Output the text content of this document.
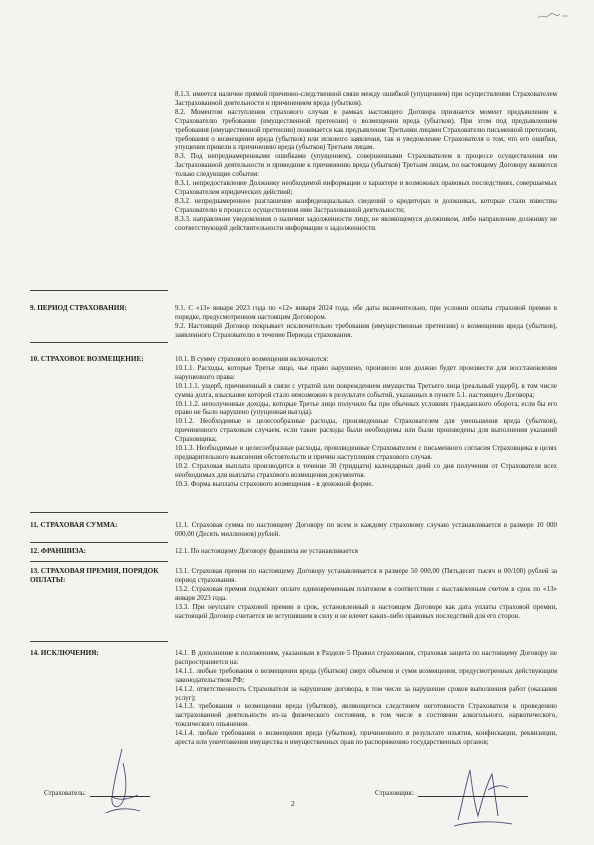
8.1.3. имеется наличие прямой причинно-следственной связи между ошибкой (упущением) при осуществлении Страхователем Застрахованной деятельности и причинением вреда (убытков).

8.2. Моментом наступления страхового случая в рамках настоящего Договора признается момент предъявления к Страхователю требования (имущественной претензии) о возмещении вреда (убытков). При этом под предъявлением требования (имущественной претензии) понимается как предъявление Третьими лицами Страхователю письменной претензии, требования о возмещении вреда (убытков) или искового заявления, так и уведомление Страхователя о том, что его ошибки, упущения привели к причинению вреда (убытков) Третьим лицам.

8.3. Под непреднамеренными ошибками (упущением), совершенными Страхователем в процессе осуществления им Застрахованной деятельности и приведшие к причинению вреда (убытков) Третьим лицам, по настоящему Договору являются только следующие события:

8.3.1. непредоставление Должнику необходимой информации о характере и возможных правовых последствиях, совершаемых Страхователем юридических действий;

8.3.2. непреднамеренное разглашение конфиденциальных сведений о кредиторах и должниках, которые стали известны Страхователю в процессе осуществления ими Застрахованной деятельности;

8.3.3. направление уведомления о наличии задолженности лицу, не являющемуся должником, либо направление должнику не соответствующей действительности информации о задолженности.

9. ПЕРИОД СТРАХОВАНИЯ:	9.1. С «13» января 2023 года по «12» января 2024 года, обе даты включительно, при условии оплаты страховой премии в порядке, предусмотренном настоящим Договором.

9.2. Настоящий Договор покрывает исключительно требования (имущественные претензии) о возмещении вреда (убытков), заявленного Страхователю в течение Периода страхования.

10. СТРАХОВОЕ ВОЗМЕЩЕНИЕ:	10.1. В сумму страхового возмещения включаются:

10.1.1. Расходы, которые Третье лицо, чье право нарушено, произвело или должно будет произвести для восстановления нарушенного права:

10.1.1.1. ущерб, причиненный в связи с утратой или повреждением имущества Третьего лица (реальный ущерб), в том числе сумма долга, взыскание которой стало невозможно в результате событий, указанных в пункте 5.1. настоящего Договора;

10.1.1.2. неполученные доходы, которые Третье лицо получило бы при обычных условиях гражданского оборота, если бы его право не было нарушено (упущенная выгода).

10.1.2. Необходимые и целесообразные расходы, произведенные Страхователем для уменьшения вреда (убытков), причиненного страховым случаем, если такие расходы были необходимы или были произведены для выполнения указаний Страховщика;

10.1.3. Необходимые и целесообразные расходы, произведенные Страхователем с письменного согласия Страховщика в целях предварительного выяснения обстоятельств и причин наступления страхового случая.

10.2. Страховая выплата производится в течение 30 (тридцати) календарных дней со дня получения от Страхователя всех необходимых для выплаты страхового возмещения документов.

10.3. Форма выплаты страхового возмещения - в денежной форме.

11. СТРАХОВАЯ СУММА:	11.1. Страховая сумма по настоящему Договору по всем и каждому страховому случаю устанавливается в размере 10 000 000,00 (Десять миллионов) рублей.

12. ФРАНШИЗА:	12.1. По настоящему Договору франшиза не устанавливается

13. СТРАХОВАЯ ПРЕМИЯ, ПОРЯДОК ОПЛАТЫ:

13.1. Страховая премия по настоящему Договору устанавливается в размере 50 000,00 (Пятьдесят тысяч и 00/100) рублей за период страхования.

13.2. Страховая премия подлежит оплате единовременным платежом в соответствии с выставленным счетом в срок по «13» января 2023 года.

13.3. При неуплате страховой премии в срок, установленный в настоящем Договоре как дата уплаты страховой премии, настоящий Договор считается не вступившим в силу и не влечет каких-либо правовых последствий для его сторон.

14. ИСКЛЮЧЕНИЯ:	14.1. В дополнение к положениям, указанным в Разделе 5 Правил страхования, страховая защита по настоящему Договору не распространяется на:

14.1.1. любые требования о возмещении вреда (убытков) сверх объемов и сумм возмещения, предусмотренных действующим законодательством РФ;

14.1.2. ответственность Страхователя за нарушение договора, в том числе за нарушение сроков выполнения работ (оказания услуг);

14.1.3. требования о возмещении вреда (убытков), являющегося следствием неготовности Страхователя к проведению застрахованной деятельности из-за физического состояния, в том числе в состоянии алкогольного, наркотического, токсического опьянения.

14.1.4. любые требования о возмещении вреда (убытков), причиненного в результате изъятия, конфискации, реквизиции, ареста или уничтожения имущества и имущественных прав по распоряжению государственных органов;

Страхователь:	Страховщик:
2
